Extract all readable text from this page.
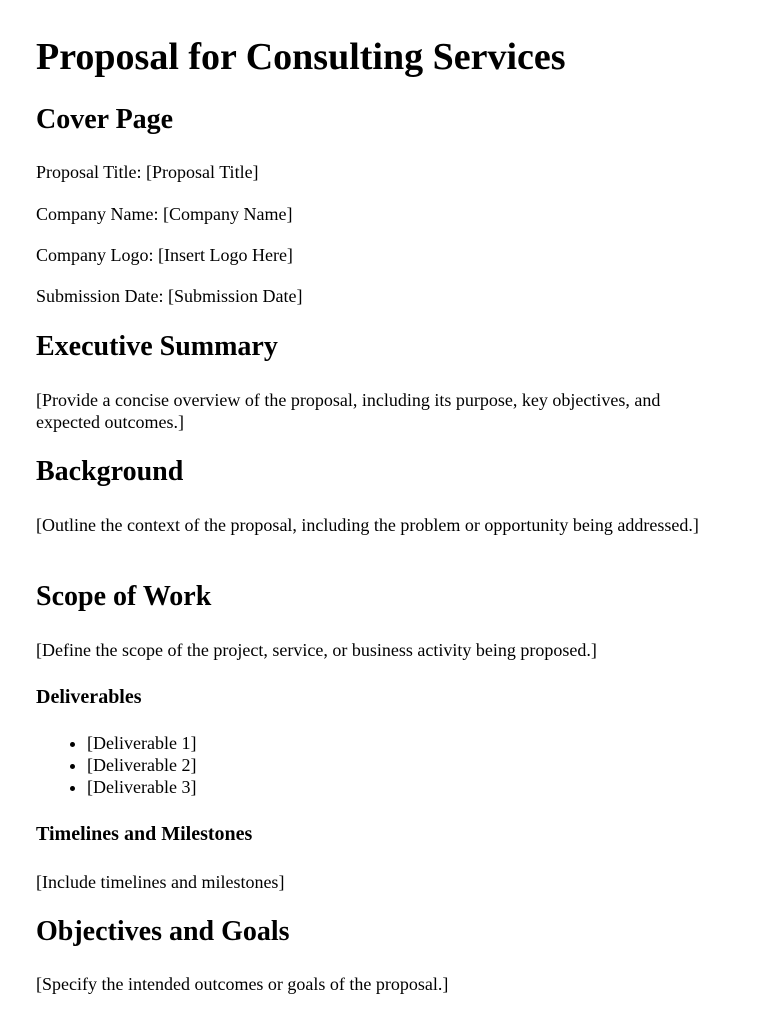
Proposal for Consulting Services
Cover Page

Proposal Title: [Proposal Title]

Company Name: [Company Name]

Company Logo: [Insert Logo Here]

Submission Date: [Submission Date]

Executive Summary

[Provide a concise overview of the proposal, including its purpose, key objectives, and expected outcomes.]

Background

[Outline the context of the proposal, including the problem or opportunity being addressed.]

Scope of Work

[Define the scope of the project, service, or business activity being proposed.]

Deliverables
• [Deliverable 1]
• [Deliverable 2]
• [Deliverable 3]
Timelines and Milestones

[Include timelines and milestones]

Objectives and Goals

[Specify the intended outcomes or goals of the proposal.]
